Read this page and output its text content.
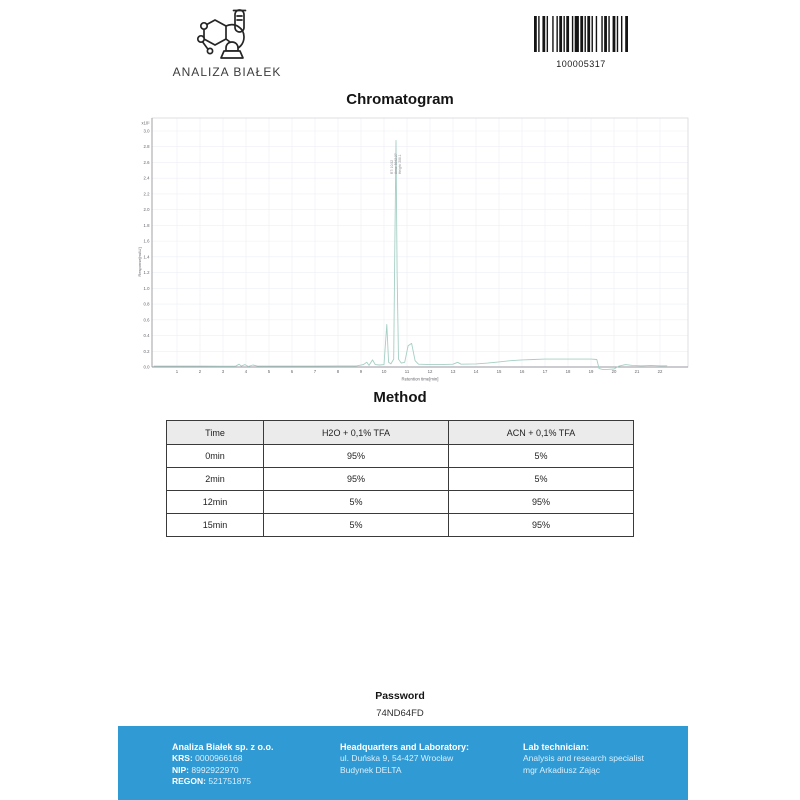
ANALIZA BIAŁEK
100005317
Chromatogram
1	2	3	4	5	6	7	8	9	10	11	12	13	14	15	16	17	18	19	20	21	22
0.0
0.2
0.4
0.6
0.8
1.0
1.2
1.4
1.6
1.8
2.0
2.2
2.4
2.6
2.8
3.0
x10²
Response[mAU]
Retention time[min]
RT: 10.52 Area: 5942.27 Height: 288.1
Method
Time	H2O + 0,1% TFA	ACN + 0,1% TFA
0min	95%	5%
2min	95%	5%
12min	5%	95%
15min	5%	95%
Password
74ND64FD
Analiza Białek sp. z o.o.
KRS: 0000966168
NIP: 8992922970
REGON: 521751875
Headquarters and Laboratory:
ul. Duńska 9, 54-427 Wrocław
Budynek DELTA
Lab technician:
Analysis and research specialist
mgr Arkadiusz Zając
